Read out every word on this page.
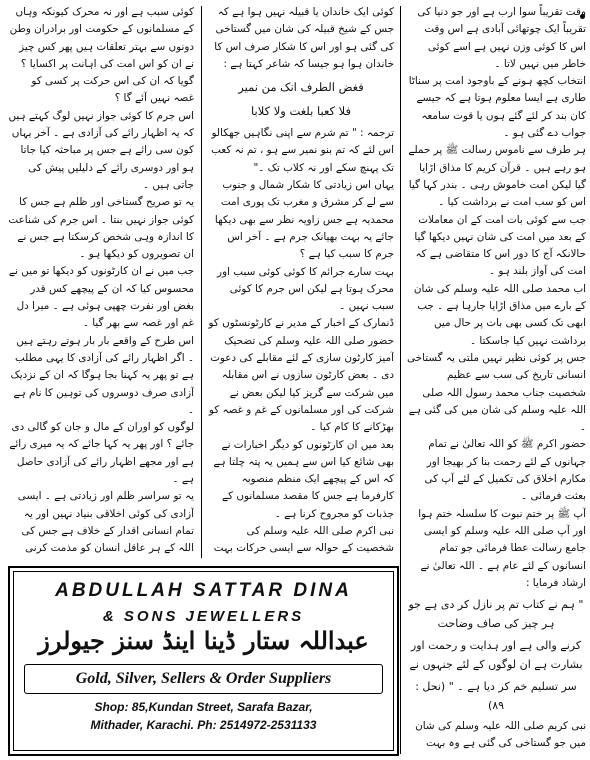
وقت تقریباً سوا ارب ہے اور جو دنیا کی تقریباً ایک چوتھائی آبادی ہے اس وقت اس کا کوئی وزن نہیں ہے اسے کوئی خاطر میں نہیں لاتا ۔

انتخاب کچھ ہونے کے باوجود امت پر سناٹا طاری ہے ایسا معلوم ہوتا ہے کہ جیسے کان بند کر لئے گئے ہوں یا قوت سامعہ جواب دے گئی ہو ۔

ہر طرف سے ناموس رسالت ﷺ پر حملے ہو رہے ہیں ۔ قرآن کریم کا مذاق اڑایا گیا لیکن امت خاموش رہی ۔ بندر کہا گیا اس کو سب امت نے برداشت کیا ۔

جب سے کوئی بات امت کے ان معاملات کے بعد میں امت کی شان نہیں دیکھا گیا حالانکہ آج کا دور اس کا متقاضی ہے کہ امت کی آواز بلند ہو ۔

اب محمد صلی اللہ علیہ وسلم کی شان کے بارے میں مذاق اڑایا جارہا ہے ۔ جب ابھی تک کسی بھی بات پر حال میں برداشت نہیں کیا جاسکتا ۔

جس پر کوئی نظیر نہیں ملتی یہ گستاخی انسانی تاریخ کی سب سے عظیم شخصیت جناب محمد رسول اللہ صلی اللہ علیہ وسلم کی شان میں کی گئی ہے ۔

حضور اکرم ﷺ کو اللہ تعالیٰ نے تمام جہانوں کے لئے رحمت بنا کر بھیجا اور مکارم اخلاق کی تکمیل کے لئے آپ کی بعثت فرمائی ۔

آپ ﷺ پر ختم نبوت کا سلسلہ ختم ہوا اور آپ صلی اللہ علیہ وسلم کو ایسی جامع رسالت عطا فرمائی جو تمام انسانوں کے لئے عام ہے ۔ اللہ تعالیٰ نے ارشاد فرمایا :

" ہم نے کتاب تم پر نازل کر دی ہے جو ہر چیز کی صاف وضاحت

کرنے والی ہے اور ہدایت و رحمت اور بشارت ہے ان لوگوں کے لئے جنہوں نے

سر تسلیم خم کر دیا ہے ۔ " (نحل : ۸۹)

نبی کریم صلی اللہ علیہ وسلم کی شان میں جو گستاخی کی گئی ہے وہ بہت

کوئی ایک خاندان یا قبیلہ نہیں ہوا ہے کہ جس کے شیخ قبیلہ کی شان میں گستاخی کی گئی ہو اور اس کا شکار صرف اس کا خاندان ہوا ہو جیسا کہ شاعر کہتا ہے :

فغض الطرف انک من نمیر

فلا کعبا بلغت ولا کلابا

ترجمہ : " تم شرم سے اپنی نگاہیں جھکالو اس لئے کہ تم بنو نمیر سے ہو ، تم نہ کعب تک پہنچ سکے اور نہ کلاب تک ۔"

یہاں اس زیادتی کا شکار شمال و جنوب سے لے کر مشرق و مغرب تک پوری امت محمدیہ ہے جس زاویہ نظر سے بھی دیکھا جائے یہ بہت بھیانک جرم ہے ۔ آخر اس جرم کا سبب کیا ہے ؟

بہت سارے جرائم کا کوئی کوئی سبب اور محرک ہوتا ہے لیکن اس جرم کا کوئی سبب نہیں ۔

ڈنمارک کے اخبار کے مدیر نے کارٹونسٹوں کو حضور صلی اللہ علیہ وسلم کی تضحیک آمیز کارٹون سازی کے لئے مقابلے کی دعوت دی ۔ بعض کارٹون سازوں نے اس مقابلہ میں شرکت سے گریز کیا لیکن بعض نے شرکت کی اور مسلمانوں کے غم و غصہ کو بھڑکانے کا کام کیا ۔

بعد میں ان کارٹونوں کو دیگر اخبارات نے بھی شائع کیا اس سے ہمیں یہ پتہ چلتا ہے کہ اس کے پیچھے ایک منظم منصوبہ کارفرما ہے جس کا مقصد مسلمانوں کے جذبات کو مجروح کرنا ہے ۔

نبی اکرم صلی اللہ علیہ وسلم کی شخصیت کے حوالہ سے ایسی حرکات بہت

کوئی سبب ہے اور نہ محرک کیونکہ وہاں کے مسلمانوں کے حکومت اور برادران وطن دونوں سے بہتر تعلقات ہیں پھر کس چیز نے ان کو اس امت کی اہانت پر اکسایا ؟

گویا کہ ان کی اس حرکت پر کسی کو غصہ نہیں آئے گا ؟

اس جرم کا کوئی جواز نہیں لوگ کہتے ہیں کہ یہ اظہار رائے کی آزادی ہے ۔ آخر یہاں کون سی رائے ہے جس پر مباحثہ کیا جاتا ہو اور دوسری رائے کے دلیلیں پیش کی جاتی ہیں ۔

یہ تو صریح گستاخی اور ظلم ہے جس کا کوئی جواز نہیں بنتا ۔ اس جرم کی شناعت کا اندازہ وہی شخص کرسکتا ہے جس نے ان تصویروں کو دیکھا ہو ۔

جب میں نے ان کارٹونوں کو دیکھا تو میں نے محسوس کیا کہ ان کے پیچھے کس قدر بغض اور نفرت چھپی ہوئی ہے ۔ میرا دل غم اور غصہ سے بھر گیا ۔

اس طرح کے واقعے بار بار ہوتے رہتے ہیں ۔ اگر اظہار رائے کی آزادی کا یہی مطلب ہے تو پھر یہ کہنا بجا ہوگا کہ ان کے نزدیک آزادی صرف دوسروں کی توہین کا نام ہے ۔

لوگوں کو اوران کے مال و جان کو گالی دی جائے ؟ اور پھر یہ کہا جائے کہ یہ میری رائے ہے اور مجھے اظہار رائے کی آزادی حاصل ہے ۔

یہ تو سراسر ظلم اور زیادتی ہے ۔ ایسی آزادی کی کوئی اخلاقی بنیاد نہیں اور یہ تمام انسانی اقدار کے خلاف ہے جس کی اللہ کے ہر عاقل انسان کو مذمت کرنی

ABDULLAH SATTAR DINA
& SONS JEWELLERS
عبداللہ ستار ڈینا اینڈ سنز جیولرز
Gold, Silver, Sellers & Order Suppliers
Shop: 85,Kundan Street, Sarafa Bazar,
Mithader, Karachi. Ph: 2514972-2531133
